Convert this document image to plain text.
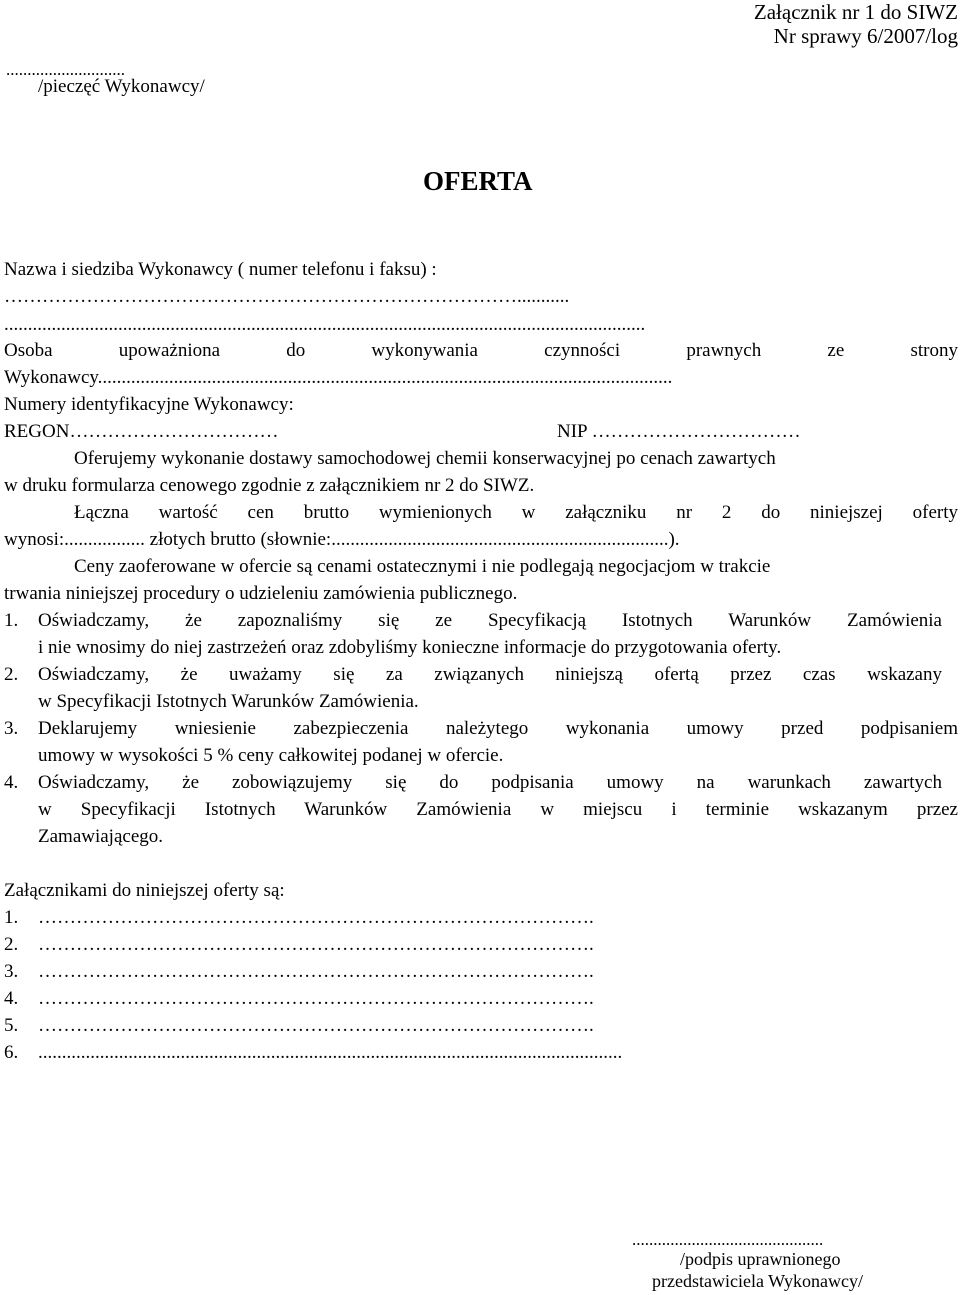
Załącznik nr 1 do SIWZ
Nr sprawy 6/2007/log
............................
/pieczęć Wykonawcy/
OFERTA
Nazwa i siedziba Wykonawcy ( numer telefonu i faksu) :
………………………………………………………………………...........
.......................................................................................................................................
Osoba	upoważniona	do	wykonywania	czynności	prawnych	ze	strony
Wykonawcy.........................................................................................................................
Numery identyfikacyjne Wykonawcy:
REGON……………………………	NIP ……………………………
Oferujemy wykonanie dostawy samochodowej chemii konserwacyjnej po cenach zawartych
w druku formularza cenowego zgodnie z załącznikiem nr 2 do SIWZ.
Łączna wartość cen brutto wymienionych w załączniku nr 2 do niniejszej oferty
wynosi:................. złotych brutto (słownie:.......................................................................).
Ceny zaoferowane w ofercie są cenami ostatecznymi i nie podlegają negocjacjom w trakcie
trwania niniejszej procedury o udzieleniu zamówienia publicznego.
1. Oświadczamy, że zapoznaliśmy się ze Specyfikacją Istotnych Warunków Zamówienia
i nie wnosimy do niej zastrzeżeń oraz zdobyliśmy konieczne informacje do przygotowania oferty.
2. Oświadczamy, że uważamy się za związanych niniejszą ofertą przez czas wskazany
w Specyfikacji Istotnych Warunków Zamówienia.
3. Deklarujemy wniesienie zabezpieczenia należytego wykonania umowy przed podpisaniem
umowy w wysokości 5 % ceny całkowitej podanej w ofercie.
4. Oświadczamy, że zobowiązujemy się do podpisania umowy na warunkach zawartych
w Specyfikacji Istotnych Warunków Zamówienia w miejscu i terminie wskazanym przez
Zamawiającego.
Załącznikami do niniejszej oferty są:
1. …………………………………………………………………………….
2. …………………………………………………………………………….
3. …………………………………………………………………………….
4. …………………………………………………………………………….
5. …………………………………………………………………………….
6. ...........................................................................................................................
.............................................
/podpis uprawnionego
przedstawiciela Wykonawcy/
